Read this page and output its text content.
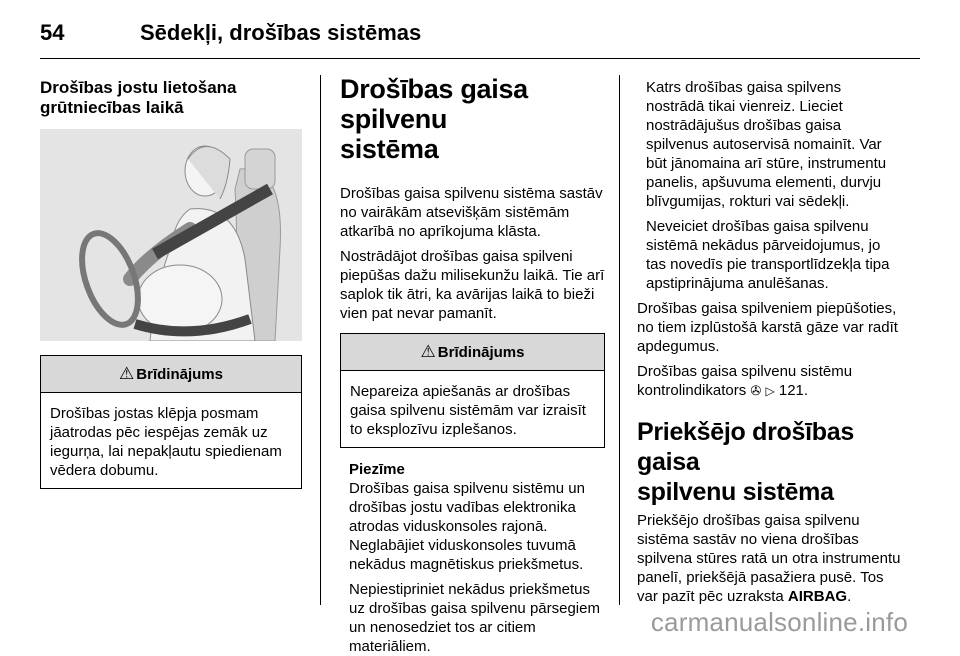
54	Sēdekļi, drošības sistēmas
Drošības jostu lietošana
grūtniecības laikā
⚠ Brīdinājums
Drošības jostas klēpja posmam jāatrodas pēc iespējas zemāk uz iegurņa, lai nepakļautu spiedienam vēdera dobumu.
Drošības gaisa spilvenu
sistēma

Drošības gaisa spilvenu sistēma sastāv no vairākām atsevišķām sistēmām atkarībā no aprīkojuma klāsta.

Nostrādājot drošības gaisa spilveni piepūšas dažu milisekunžu laikā. Tie arī saplok tik ātri, ka avārijas laikā to bieži vien pat nevar pamanīt.

⚠ Brīdinājums
Nepareiza apiešanās ar drošības gaisa spilvenu sistēmām var izraisīt to eksplozīvu izplešanos.
Piezīme

Drošības gaisa spilvenu sistēmu un drošības jostu vadības elektronika atrodas viduskonsoles rajonā. Neglabājiet viduskonsoles tuvumā nekādus magnētiskus priekšmetus.

Nepiestipriniet nekādus priekšmetus uz drošības gaisa spilvenu pārsegiem un nenosedziet tos ar citiem materiāliem.

Katrs drošības gaisa spilvens nostrādā tikai vienreiz. Lieciet nostrādājušus drošības gaisa spilvenus autoservisā nomainīt. Var būt jānomaina arī stūre, instrumentu panelis, apšuvuma elementi, durvju blīvgumijas, rokturi vai sēdekļi.

Neveiciet drošības gaisa spilvenu sistēmā nekādus pārveidojumus, jo tas novedīs pie transportlīdzekļa tipa apstiprinājuma anulēšanas.

Drošības gaisa spilveniem piepūšoties, no tiem izplūstošā karstā gāze var radīt apdegumus.

Drošības gaisa spilvenu sistēmu kontrolindikators ✇ ▷ 121.

Priekšējo drošības gaisa
spilvenu sistēma

Priekšējo drošības gaisa spilvenu sistēma sastāv no viena drošības spilvena stūres ratā un otra instrumentu panelī, priekšējā pasažiera pusē. Tos var pazīt pēc uzraksta AIRBAG.

carmanualsonline.info
